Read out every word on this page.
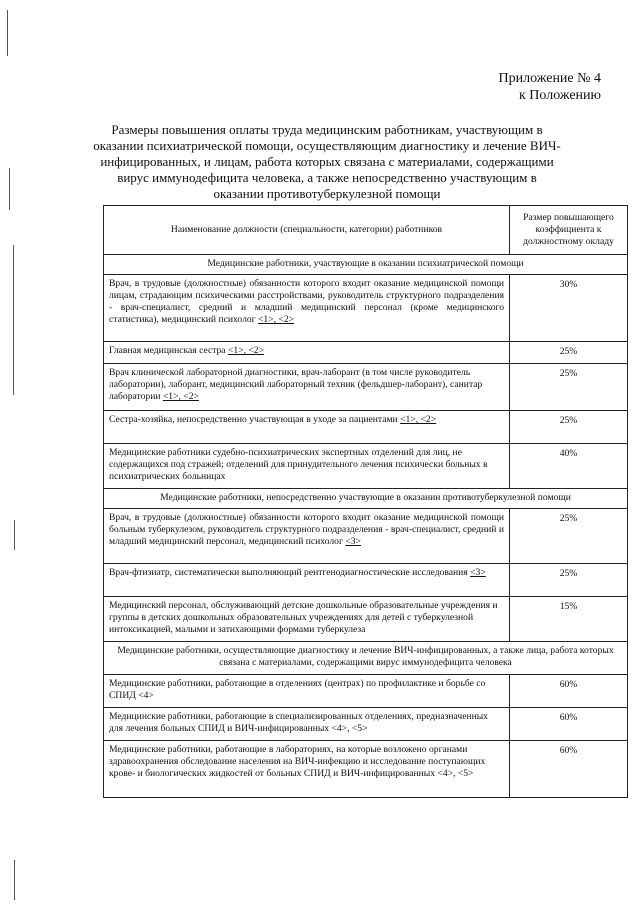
Приложение № 4
к Положению
Размеры повышения оплаты труда медицинским работникам, участвующим в оказании психиатрической помощи, осуществляющим диагностику и лечение ВИЧ-инфицированных, и лицам, работа которых связана с материалами, содержащими вирус иммунодефицита человека, а также непосредственно участвующим в оказании противотуберкулезной помощи
Наименование должности (специальности, категории) работников	Размер повышающего коэффициента к должностному окладу
Медицинские работники, участвующие в оказании психиатрической помощи	
Врач, в трудовые (должностные) обязанности которого входит оказание медицинской помощи лицам, страдающим психическими расстройствами, руководитель структурного подразделения - врач-специалист, средний и младший медицинский персонал (кроме медицинского статистика), медицинский психолог <1>, <2>	30%
Главная медицинская сестра <1>, <2>	25%
Врач клинической лабораторной диагностики, врач-лаборант (в том числе руководитель лаборатории), лаборант, медицинский лабораторный техник (фельдшер-лаборант), санитар лаборатории <1>, <2>	25%
Сестра-хозяйка, непосредственно участвующая в уходе за пациентами <1>, <2>	25%
Медицинские работники судебно-психиатрических экспертных отделений для лиц, не содержащихся под стражей; отделений для принудительного лечения психически больных в психиатрических больницах	40%
Медицинские работники, непосредственно участвующие в оказании противотуберкулезной помощи	
Врач, в трудовые (должностные) обязанности которого входит оказание медицинской помощи больным туберкулезом, руководитель структурного подразделения - врач-специалист, средний и младший медицинский персонал, медицинский психолог <3>	25%
Врач-фтизиатр, систематически выполняющий рентгенодиагностические исследования <3>	25%
Медицинский персонал, обслуживающий детские дошкольные образовательные учреждения и группы в детских дошкольных образовательных учреждениях для детей с туберкулезной интоксикацией, малыми и затихающими формами туберкулеза	15%
Медицинские работники, осуществляющие диагностику и лечение ВИЧ-инфицированных, а также лица, работа которых связана с материалами, содержащими вирус иммунодефицита человека	
Медицинские работники, работающие в отделениях (центрах) по профилактике и борьбе со СПИД <4>	60%
Медицинские работники, работающие в специализированных отделениях, предназначенных для лечения больных СПИД и ВИЧ-инфицированных <4>, <5>	60%
Медицинские работники, работающие в лабораториях, на которые возложено органами здравоохранения обследование населения на ВИЧ-инфекцию и исследование поступающих крове- и биологических жидкостей от больных СПИД и ВИЧ-инфицированных <4>, <5>	60%
